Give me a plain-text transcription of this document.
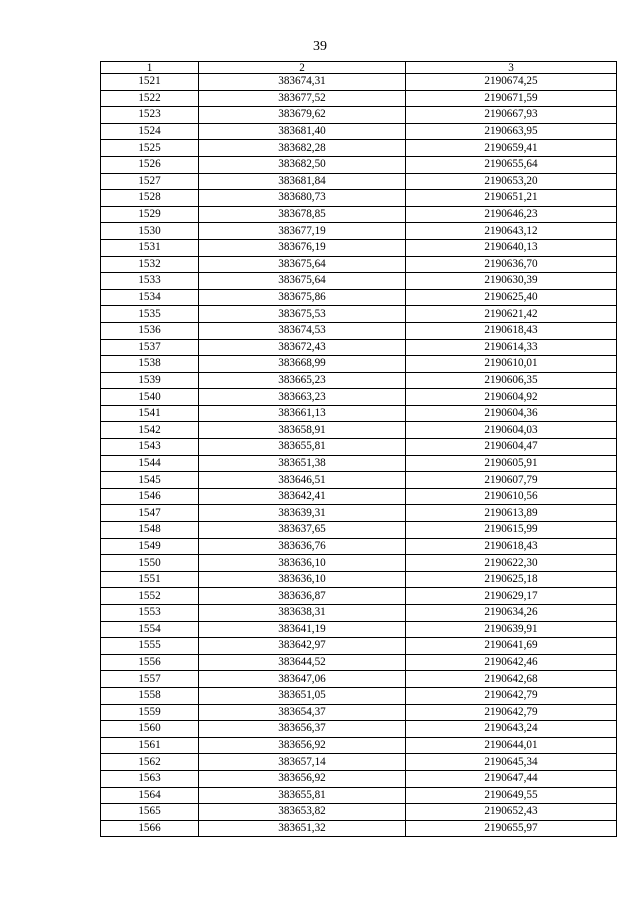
39
1	2	3
1521	383674,31	2190674,25
1522	383677,52	2190671,59
1523	383679,62	2190667,93
1524	383681,40	2190663,95
1525	383682,28	2190659,41
1526	383682,50	2190655,64
1527	383681,84	2190653,20
1528	383680,73	2190651,21
1529	383678,85	2190646,23
1530	383677,19	2190643,12
1531	383676,19	2190640,13
1532	383675,64	2190636,70
1533	383675,64	2190630,39
1534	383675,86	2190625,40
1535	383675,53	2190621,42
1536	383674,53	2190618,43
1537	383672,43	2190614,33
1538	383668,99	2190610,01
1539	383665,23	2190606,35
1540	383663,23	2190604,92
1541	383661,13	2190604,36
1542	383658,91	2190604,03
1543	383655,81	2190604,47
1544	383651,38	2190605,91
1545	383646,51	2190607,79
1546	383642,41	2190610,56
1547	383639,31	2190613,89
1548	383637,65	2190615,99
1549	383636,76	2190618,43
1550	383636,10	2190622,30
1551	383636,10	2190625,18
1552	383636,87	2190629,17
1553	383638,31	2190634,26
1554	383641,19	2190639,91
1555	383642,97	2190641,69
1556	383644,52	2190642,46
1557	383647,06	2190642,68
1558	383651,05	2190642,79
1559	383654,37	2190642,79
1560	383656,37	2190643,24
1561	383656,92	2190644,01
1562	383657,14	2190645,34
1563	383656,92	2190647,44
1564	383655,81	2190649,55
1565	383653,82	2190652,43
1566	383651,32	2190655,97
